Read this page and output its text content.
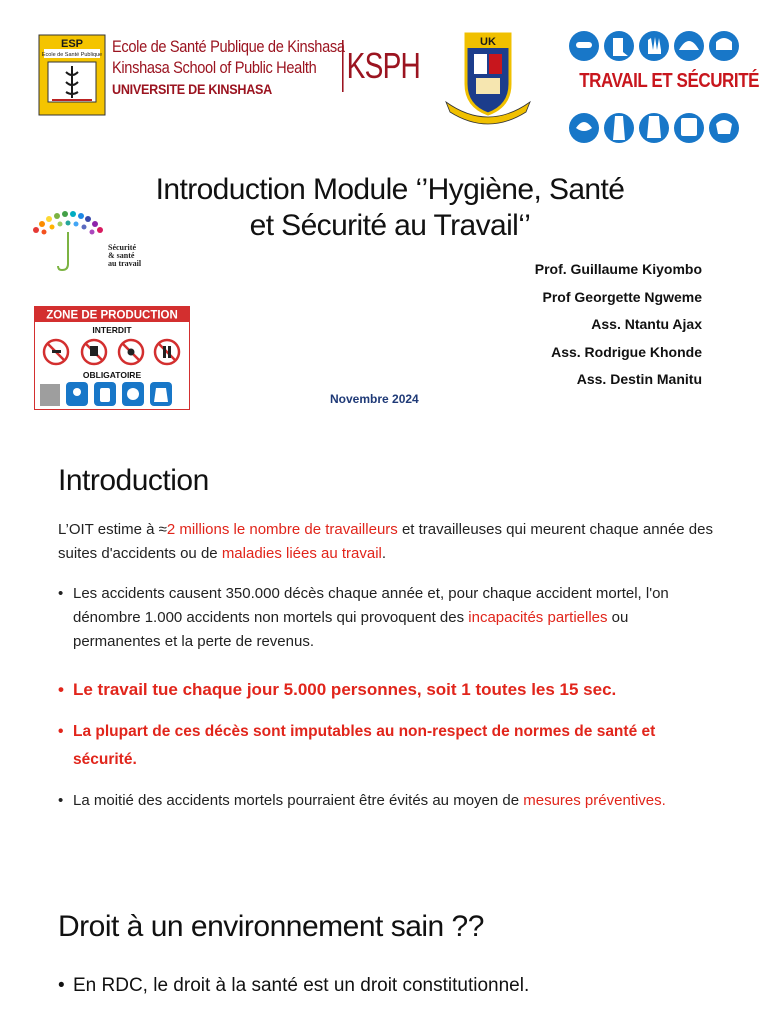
ESP
Ecole de Santé Publique Ecole de Santé Publique de Kinshasa
Kinshasa School of Public Health
UNIVERSITE DE KINSHASA
KSPH
UK
TRAVAIL ET SÉCURITÉ
Introduction Module ‘’Hygiène, Santé
et Sécurité au Travail‘’
Sécurité
& santé
au travail	Prof. Guillaume Kiyombo
Prof Georgette Ngweme
Ass. Ntantu Ajax
Ass. Rodrigue Khonde
Ass. Destin Manitu
ZONE DE PRODUCTION
INTERDIT
OBLIGATOIRE
Novembre 2024
Introduction
L’OIT estime à ≈2 millions le nombre de travailleurs et travailleuses qui meurent chaque année des suites d'accidents ou de maladies liées au travail.
• Les accidents causent 350.000 décès chaque année et, pour chaque accident mortel, l'on dénombre 1.000 accidents non mortels qui provoquent des incapacités partielles ou permanentes et la perte de revenus.
• Le travail tue chaque jour 5.000 personnes, soit 1 toutes les 15 sec.
• La plupart de ces décès sont imputables au non-respect de normes de santé et sécurité.
• La moitié des accidents mortels pourraient être évités au moyen de mesures préventives.
Droit à un environnement sain ??
• En RDC, le droit à la santé est un droit constitutionnel.
